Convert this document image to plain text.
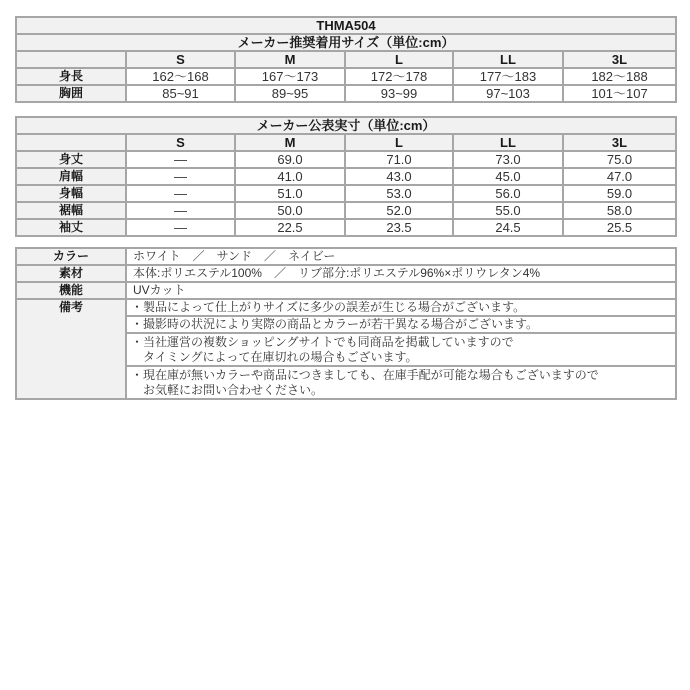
THMA504					
メーカー推奨着用サイズ（単位:cm）					
	S	M	L	LL	3L
身長	162～168	167～173	172～178	177～183	182～188
胸囲	85~91	89~95	93~99	97~103	101～107
メーカー公表実寸（単位:cm）					
	S	M	L	LL	3L
身丈	—	69.0	71.0	73.0	75.0
肩幅	—	41.0	43.0	45.0	47.0
身幅	—	51.0	53.0	56.0	59.0
裾幅	—	50.0	52.0	55.0	58.0
袖丈	—	22.5	23.5	24.5	25.5
カラー	ホワイト　／　サンド　／　ネイビー
素材	本体:ポリエステル100%　／　リブ部分:ポリエステル96%×ポリウレタン4%
機能	UVカット
備考	・製品によって仕上がりサイズに多少の誤差が生じる場合がございます。

	・撮影時の状況により実際の商品とカラーが若干異なる場合がございます。

	・当社運営の複数ショッピングサイトでも同商品を掲載していますので
　タイミングによって在庫切れの場合もございます。

	・現在庫が無いカラーや商品につきましても、在庫手配が可能な場合もございますので
　お気軽にお問い合わせください。
